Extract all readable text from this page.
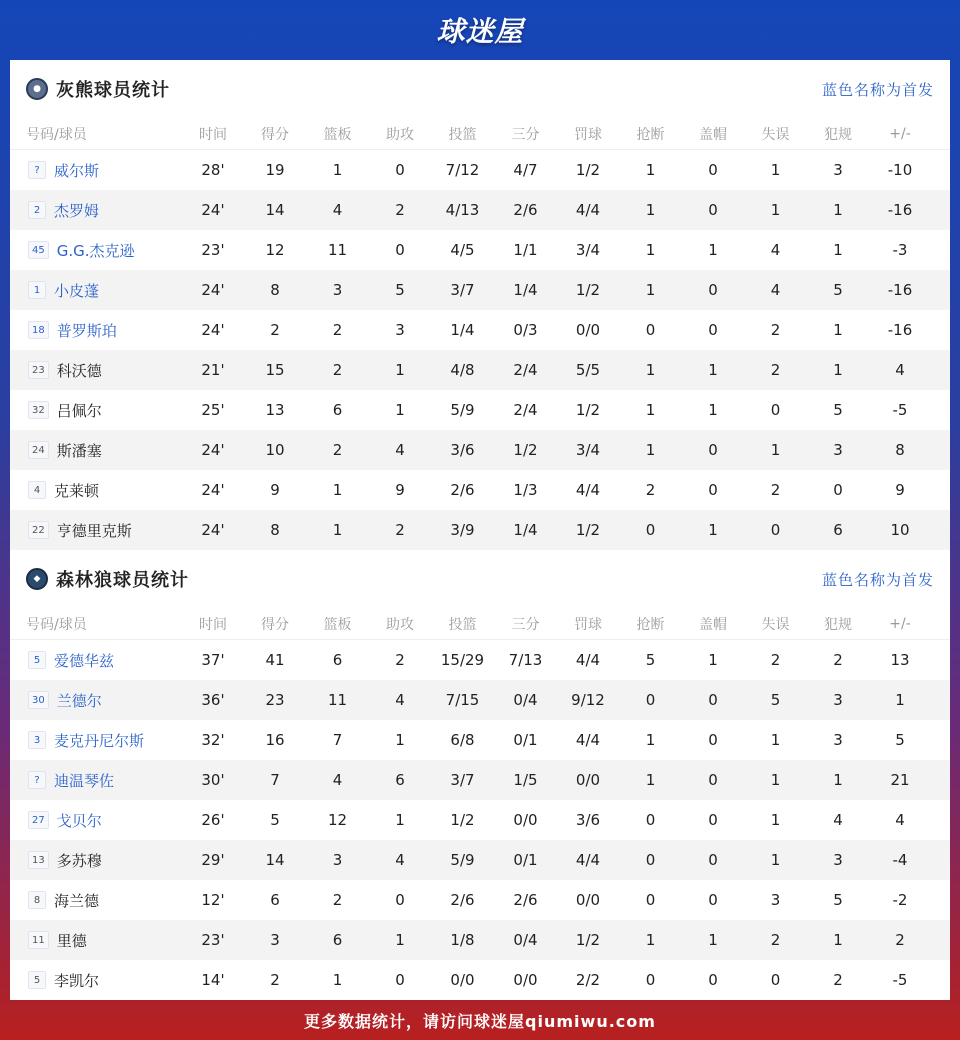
球迷屋
● 灰熊球员统计	蓝色名称为首发
号码/球员	时间	得分	篮板	助攻	投篮	三分	罚球	抢断	盖帽	失误	犯规	+/-
? 威尔斯	28'	19	1	0	7/12	4/7	1/2	1	0	1	3	-10
2 杰罗姆	24'	14	4	2	4/13	2/6	4/4	1	0	1	1	-16
45 G.G.杰克逊	23'	12	11	0	4/5	1/1	3/4	1	1	4	1	-3
1 小皮蓬	24'	8	3	5	3/7	1/4	1/2	1	0	4	5	-16
18 普罗斯珀	24'	2	2	3	1/4	0/3	0/0	0	0	2	1	-16
23 科沃德	21'	15	2	1	4/8	2/4	5/5	1	1	2	1	4
32 吕佩尔	25'	13	6	1	5/9	2/4	1/2	1	1	0	5	-5
24 斯潘塞	24'	10	2	4	3/6	1/2	3/4	1	0	1	3	8
4 克莱顿	24'	9	1	9	2/6	1/3	4/4	2	0	2	0	9
22 亨德里克斯	24'	8	1	2	3/9	1/4	1/2	0	1	0	6	10
◆ 森林狼球员统计	蓝色名称为首发
号码/球员	时间	得分	篮板	助攻	投篮	三分	罚球	抢断	盖帽	失误	犯规	+/-
5 爱德华兹	37'	41	6	2	15/29	7/13	4/4	5	1	2	2	13
30 兰德尔	36'	23	11	4	7/15	0/4	9/12	0	0	5	3	1
3 麦克丹尼尔斯	32'	16	7	1	6/8	0/1	4/4	1	0	1	3	5
? 迪温琴佐	30'	7	4	6	3/7	1/5	0/0	1	0	1	1	21
27 戈贝尔	26'	5	12	1	1/2	0/0	3/6	0	0	1	4	4
13 多苏穆	29'	14	3	4	5/9	0/1	4/4	0	0	1	3	-4
8 海兰德	12'	6	2	0	2/6	2/6	0/0	0	0	3	5	-2
11 里德	23'	3	6	1	1/8	0/4	1/2	1	1	2	1	2
5 李凯尔	14'	2	1	0	0/0	0/0	2/2	0	0	0	2	-5
更多数据统计，请访问球迷屋qiumiwu.com
